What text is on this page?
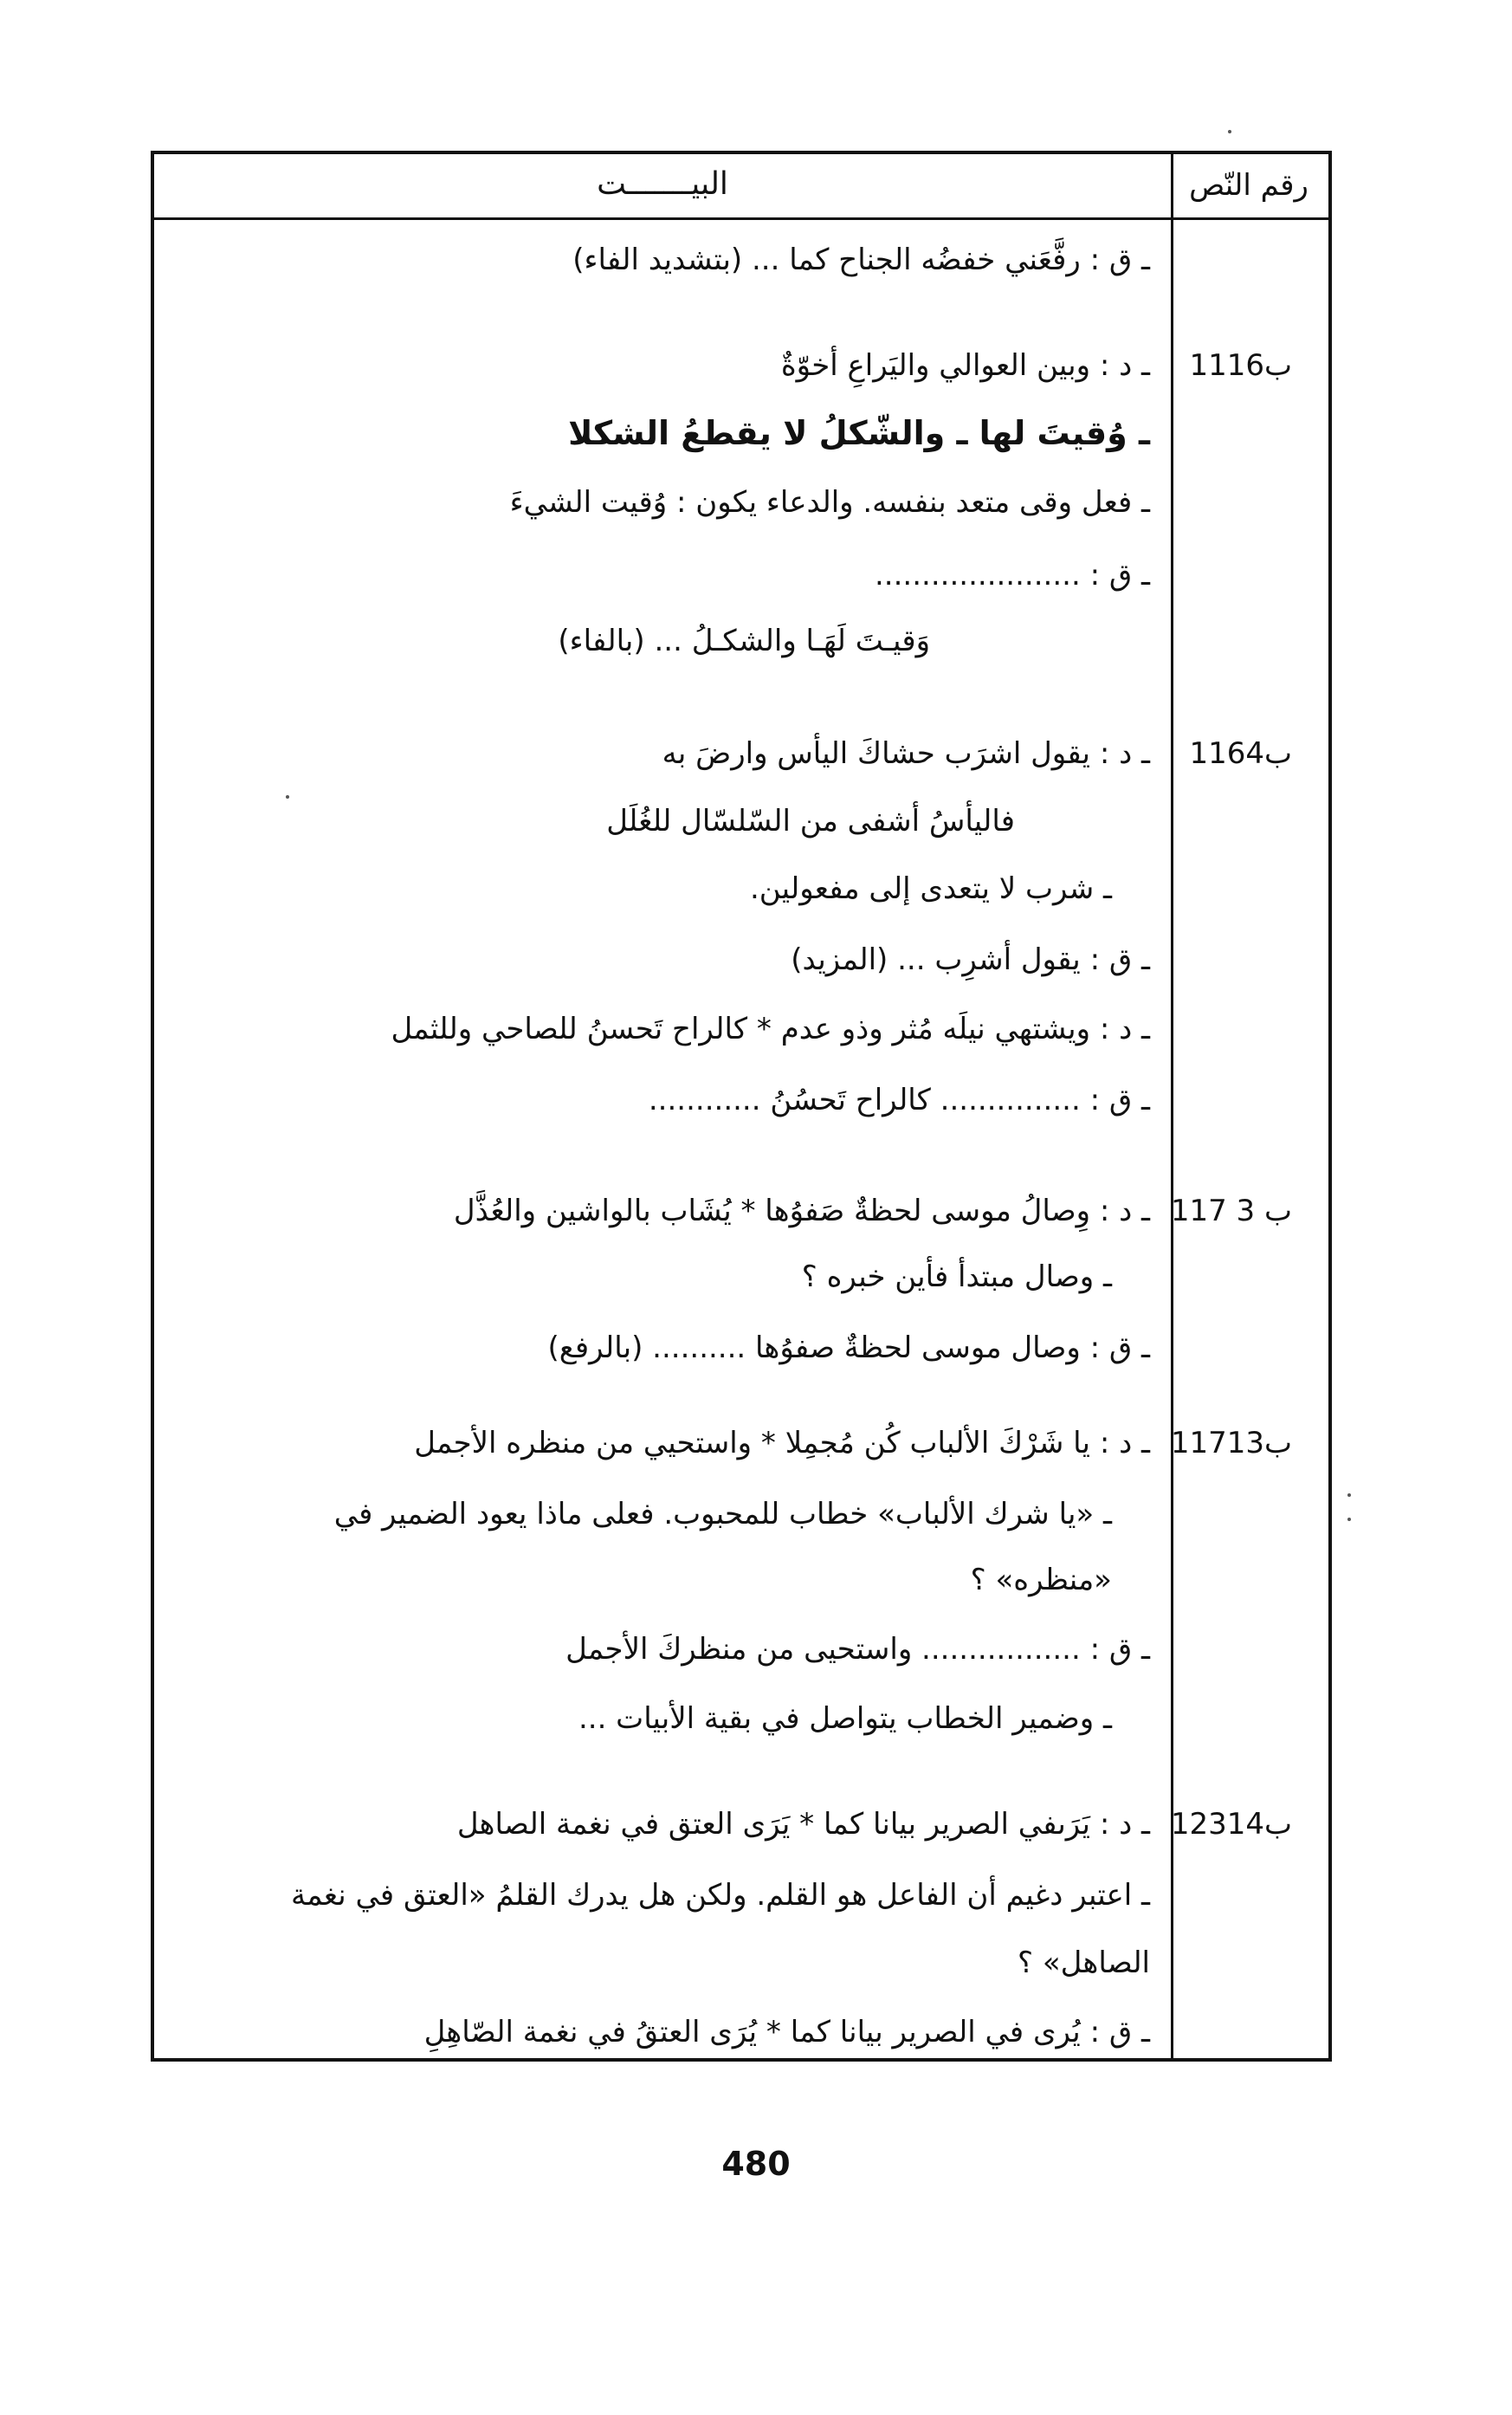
البيـــــــت	رقم النّص
ـ ق : رفَّعَني خفضُه الجناح كما ... (بتشديد الفاء)
111ب6
ـ د : وبين العوالي واليَراعِ أخوّةٌ
ـ وُقيتَ لها ـ والشّكلُ لا يقطعُ الشكلا
ـ فعل وقى متعد بنفسه. والدعاء يكون : وُقيت الشيءَ
ـ ق : ......................
وَقيـتَ لَهَـا والشكـلُ ... (بالفاء)
116ب4
ـ د : يقول اشرَب حشاكَ اليأس وارضَ به
فاليأسُ أشفى من السّلسّال للغُلَل
ـ شرب لا يتعدى إلى مفعولين.
ـ ق : يقول أشرِب ... (المزيد)
ـ د : ويشتهي نيلَه مُثر وذو عدم * كالراح تَحسنُ للصاحي وللثمل
ـ ق : ............... كالراح تَحسُنُ ............
117 ب 3
ـ د : وِصالُ موسى لحظةٌ صَفوُها * يُشَاب بالواشين والعُذَّل
ـ وصال مبتدأ فأين خبره ؟
ـ ق : وصال موسى لحظةٌ صفوُها .......... (بالرفع)
117ب13
ـ د : يا شَرْكَ الألباب كُن مُجمِلا * واستحيي من منظره الأجمل
ـ «يا شرك الألباب» خطاب للمحبوب. فعلى ماذا يعود الضمير في
«منظره» ؟
ـ ق : ................. واستحيى من منظركَ الأجمل
ـ وضمير الخطاب يتواصل في بقية الأبيات ...
123ب14
ـ د : يَرَىفي الصرير بيانا كما * يَرَى العتق في نغمة الصاهل
ـ اعتبر دغيم أن الفاعل هو القلم. ولكن هل يدرك القلمُ «العتق في نغمة
الصاهل» ؟
ـ ق : يُرى في الصرير بيانا كما * يُرَى العتقُ في نغمة الصّاهِلِ
480
